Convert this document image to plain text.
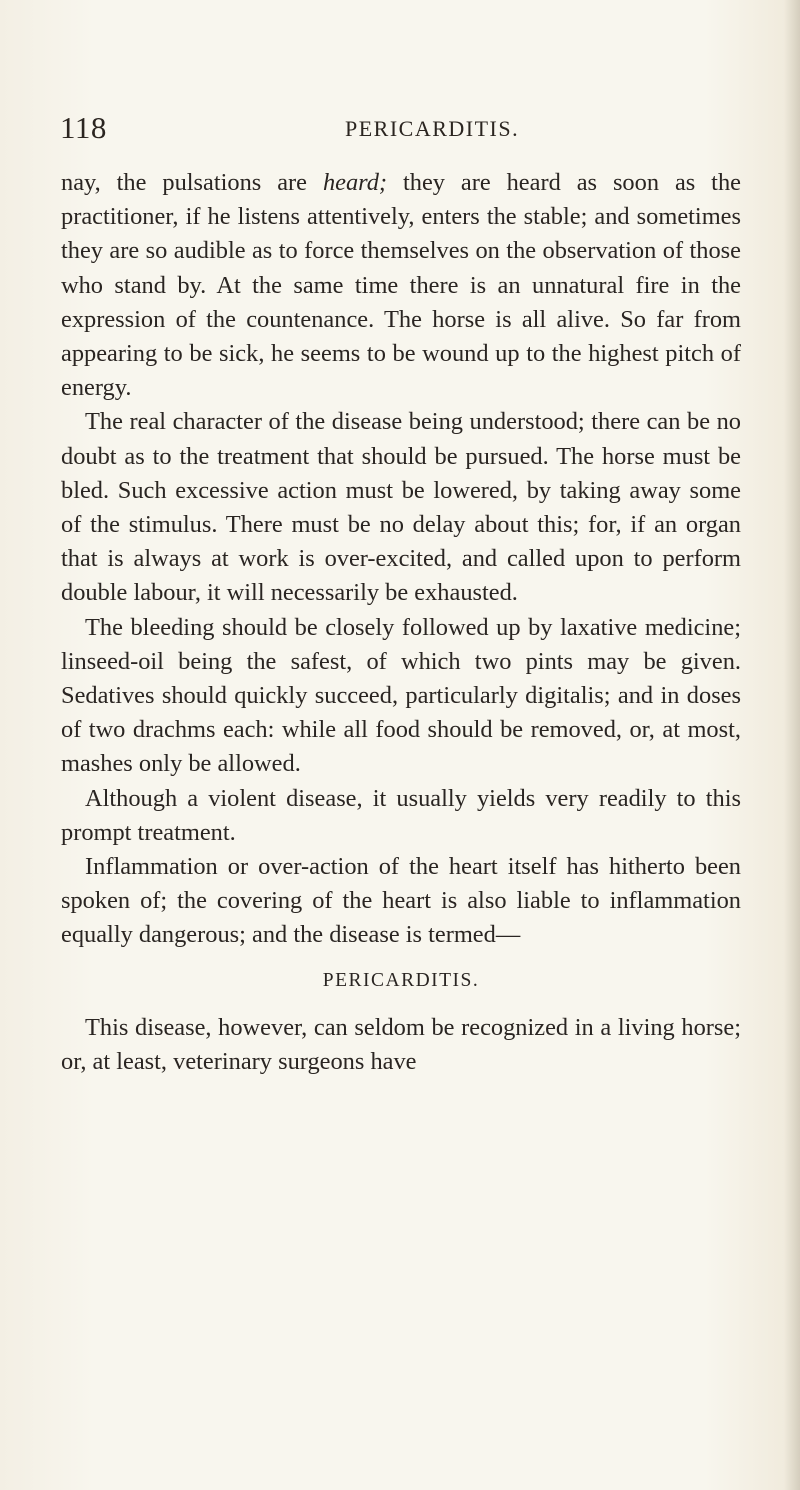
118	PERICARDITIS.

nay, the pulsations are heard; they are heard as soon as the practitioner, if he listens attentively, enters the stable; and sometimes they are so audible as to force themselves on the observation of those who stand by. At the same time there is an unnatural fire in the expression of the countenance. The horse is all alive. So far from appearing to be sick, he seems to be wound up to the highest pitch of energy.

The real character of the disease being understood; there can be no doubt as to the treatment that should be pursued. The horse must be bled. Such excessive action must be lowered, by taking away some of the stimulus. There must be no delay about this; for, if an organ that is always at work is over-excited, and called upon to perform double labour, it will necessarily be exhausted.

The bleeding should be closely followed up by laxative medicine; linseed-oil being the safest, of which two pints may be given. Sedatives should quickly succeed, particularly digitalis; and in doses of two drachms each: while all food should be removed, or, at most, mashes only be allowed.

Although a violent disease, it usually yields very readily to this prompt treatment.

Inflammation or over-action of the heart itself has hitherto been spoken of; the covering of the heart is also liable to inflammation equally dangerous; and the disease is termed—

PERICARDITIS.

This disease, however, can seldom be recognized in a living horse; or, at least, veterinary surgeons have
